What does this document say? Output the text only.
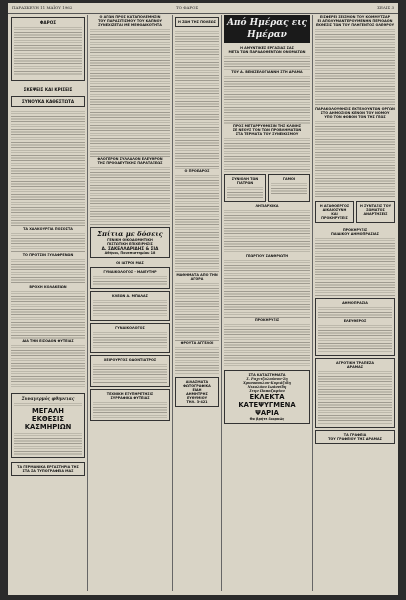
ΠΑΡΑΣΚΕΥΗ 11 ΜΑΪΟΥ 1962	ΤΟ ΦΑΡΟΣ	ΣΕΛΙΣ 3
ΦΑΡΟΣ
ΣΚΕΨΕΙΣ ΚΑΙ ΚΡΙΣΕΙΣ
ΣΥΝΟΥΚΑ ΚΑΘΕΣΤΩΤΑ
ΤΑ ΧΑΛΚΟΥΡΓΙΑ ΠΟΣΟΣΤΑ
ΤΟ ΠΡΟΤΣΙΝ ΞΥΛΑΦΡΕΝΩΝ
ΒΡΟΧΗ ΚΟΛΑΚΕΙΩΝ
ΔΙΑ ΤΗΝ ΕΙΣΟΔΟΝ ΦΥΤΕΙΑΣ
Συναγερμός φθηνειας
ΜΕΓΑΛΗ
ΕΚΘΕΣΙΣ
ΚΑΣΜΗΡΙΩΝ
ΤΑ ΓΕΡΜΑΝΙΚΑ ΕΡΓΑΣΤΗΡΙΑ ΤΗΣ
ΣΤΑ ΣΑ ΤΥΠΟΓΡΑΦΕΙΑ ΜΑΣ
Ο ΑΓΩΝ ΠΡΟΣ ΚΑΤΑΠΟΛΕΜΗΣΙΝ
ΤΟΥ ΠΑΡΑΣΙΤΙΣΜΟΥ ΤΟΥ ΚΑΠΝΟΥ
ΣΥΝΕΧΙΖΕΤΑΙ ΜΕ ΜΕΘΟΔΙΚΟΤΗΤΑ
ΦΛΟΓΕΡΟΝ ΣΥΛΛΑΛΟΝ ΕΛΕΥΘΡΟΝ
ΤΗΣ ΠΡΟΟΔΕΥΤΙΚΗΣ ΠΑΡΑΤΑΞΕΩΣ
Σπίτια με δόσεις
ΓΕΝΙΚΗ ΟΙΚΟΔΟΜΗΤΙΚΗ
ΠΙΣΤΩΤΙΚΗ ΕΠΙΧΕΙΡΗΣΙΣ
Δ. ΣΑΚΕΛΛΑΡΙΔΗΣ & ΣΙΑ
Αθήναι, Πανεπιστημίου 18
ΟΙ ΙΑΤΡΟΙ ΜΑΣ
ΓΥΝΑΙΚΟΛΟΓΟΣ - ΜΑΙΕΥΤΗΡ
ΚΛΕΩΝ Α. ΜΠΑΛΑΣ
ΓΥΝΑΙΚΟΛΟΓΟΣ
ΧΕΙΡΟΥΡΓΟΣ ΟΔΟΝΤΙΑΤΡΟΣ
ΤΕΧΝΙΚΗ ΕΞΥΠΗΡΕΤΗΣΙΣ
ΣΥΡΡΑΦΙΚΑ ΦΥΤΕΙΑΣ
Η ΖΩΗ ΤΗΣ ΠΟΛΕΩΣ
Ο ΠΡΟΕΔΡΟΣ
ΜΑΘΗΜΑΤΑ ΑΠΟ ΤΗΝ ΑΓΟΡΑ
ΦΡΟΥΤΑ ΑΓΓΕΛΟΙ
ΑΙΛΑΣΜΑΤΑ
ΦΩΤΟΓΡΑΦΙΚΑ
ΕΙΔΗ
ΔΗΜΗΤΡΗΣ
ΕΥΘΥΜΙΟΥ
ΤΗΛ. 3-421
Από Ημέρας εις Ημέραν
Η ΑΜΥΝΤΙΚΕΣ ΕΡΓΑΣΙΑΣ ΣΑΣ
ΜΕΤΑ ΤΩΝ ΠΑΡΑΔΟΘΕΝΤΩΝ ΟΝΟΜΑΤΩΝ
ΤΟΥ Δ. ΒΕΝΙΖΕΛΟΓΙΑΝΝΗ ΣΤΗ ΔΡΑΜΑ
ΠΡΟΣ ΜΕΤΑΡΡΥΘΜΙΣΙΝ ΤΗΣ ΚΛΙΝΗΣ
ΣΕ ΝΕΟΥΣ ΤΟΝ ΤΩΝ ΠΡΟΒΛΗΜΑΤΩΝ
ΣΤΑ ΤΕΡΜΑΤΑ ΤΟΥ ΣΥΝΕΙΚΙΣΜΟΥ
ΣΥΝΙΟΛΗ ΤΩΝ ΓΙΑΤΡΩΝ
ΓΑΜΟΙ
ΛΗΞΙΑΡΧΙΚΑ
ΓΕΩΡΓΙΟΥ ΣΑΝΘΡΙΩΤΗ
ΠΡΟΚΗΡΥΞΙΣ
ΣΤΑ ΚΑΤΑΣΤΗΜΑΤΑ
Σ. Ραχιτζαλαύσου-Ση
Χρυσοπουλου-Κυριάζιδη
Νικολάου Ιωάννίδη
Στην Παπαζαφίου
ΕΚΛΕΚΤΑ
ΚΑΤΕΨΥΓΜΕΝΑ
ΨΑΡΙΑ
Θα βρήτε διαρκώς
ΕΙΣΦΕΡΕΙ ΣΕΙΣΜΟΝ ΤΟΥ ΚΟΜΜΥΤΖΑΡ
ΕΙ ΑΠΟΛΥΜΑΝΤΕΡΟΥΜΕΝΗΝ ΠΕΡΙΟΔΟΝ
ΕΚΘΕΣΙΣ ΤΩΝ ΤΟΥ ΠΛΗΓΕΝΤΟΣ ΟΛΕΘΡΟΥ
ΠΑΡΑΚΟΛΟΥΘΗΣΙΣ ΕΚΤΕΛΟΥΝΤΩΝ ΟΡΓΩΝ
ΣΤΟ ΔΗΜΟΣΙΟΝ ΚΕΝΟΝ ΤΟΥ ΝΟΜΟΥ
ΥΠΟ ΤΟΝ ΦΟΒΟΝ ΤΟΝ ΤΗΣ ΓΕΩΣ
Η ΑΓΑΘΟΕΡΓΟΣ ΔΙΚΑΙΟΣΥΝΗ
ΚΑΙ ΠΡΟΚΗΡΥΞΕΙΣ
Η ΣΥΝΤΑΞΙΣ ΤΟΥ ΣΩΜΑΤΟΣ
ΑΝΑΡΤΗΣΕΙΣ
ΠΡΟΚΗΡΥΞΙΣ
ΠΑΙΔΙΚΟΥ ΔΗΜΟΠΡΑΣΙΑΣ
ΔΗΜΟΠΡΑΣΙΑ
ΕΛΕΥΘΕΡΟΣ
ΑΓΡΟΤΙΚΗ ΤΡΑΠΕΖΑ
ΔΡΑΜΑΣ
ΤΑ ΓΡΑΦΕΙΑ
ΤΟΥ ΓΡΑΦΕΙΟΥ ΤΗΣ ΔΡΑΜΑΣ
